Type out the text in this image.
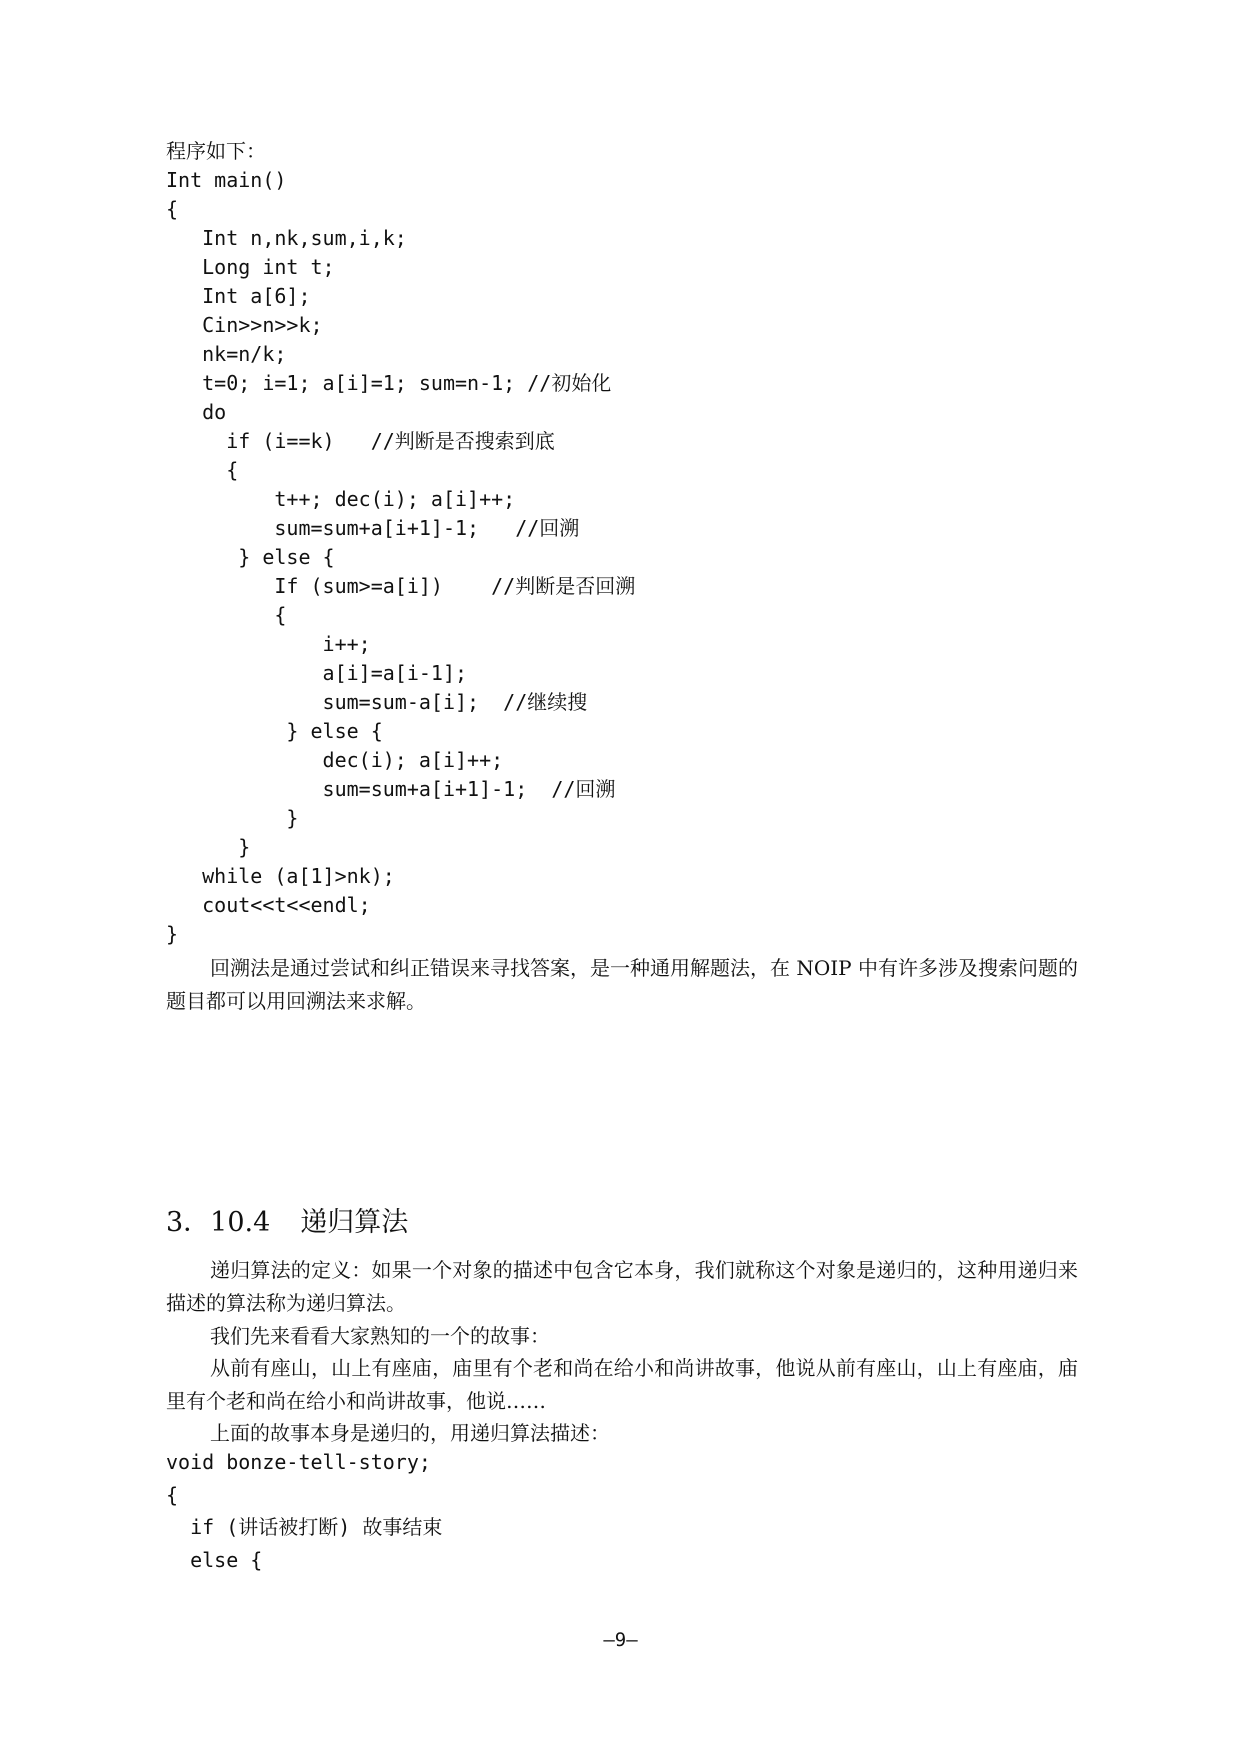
程序如下：
Int main()
{
Int n,nk,sum,i,k;
Long int t;
Int a[6];
Cin>>n>>k;
nk=n/k;
t=0; i=1; a[i]=1; sum=n-1; //初始化
do
if (i==k)   //判断是否搜索到底
{
t++; dec(i); a[i]++;
sum=sum+a[i+1]-1;   //回溯
} else {
If (sum>=a[i])    //判断是否回溯
{
i++;
a[i]=a[i-1];
sum=sum-a[i];  //继续搜
} else {
dec(i); a[i]++;
sum=sum+a[i+1]-1;  //回溯
}
}
while (a[1]>nk);
cout<<t<<endl;
}

回溯法是通过尝试和纠正错误来寻找答案，是一种通用解题法，在 NOIP 中有许多涉及搜索问题的题目都可以用回溯法来求解。

3．10.4 递归算法

递归算法的定义：如果一个对象的描述中包含它本身，我们就称这个对象是递归的，这种用递归来描述的算法称为递归算法。

我们先来看看大家熟知的一个的故事：

从前有座山，山上有座庙，庙里有个老和尚在给小和尚讲故事，他说从前有座山，山上有座庙，庙里有个老和尚在给小和尚讲故事，他说……

上面的故事本身是递归的，用递归算法描述：

void bonze-tell-story;
{
if (讲话被打断) 故事结束
else {
—9—
